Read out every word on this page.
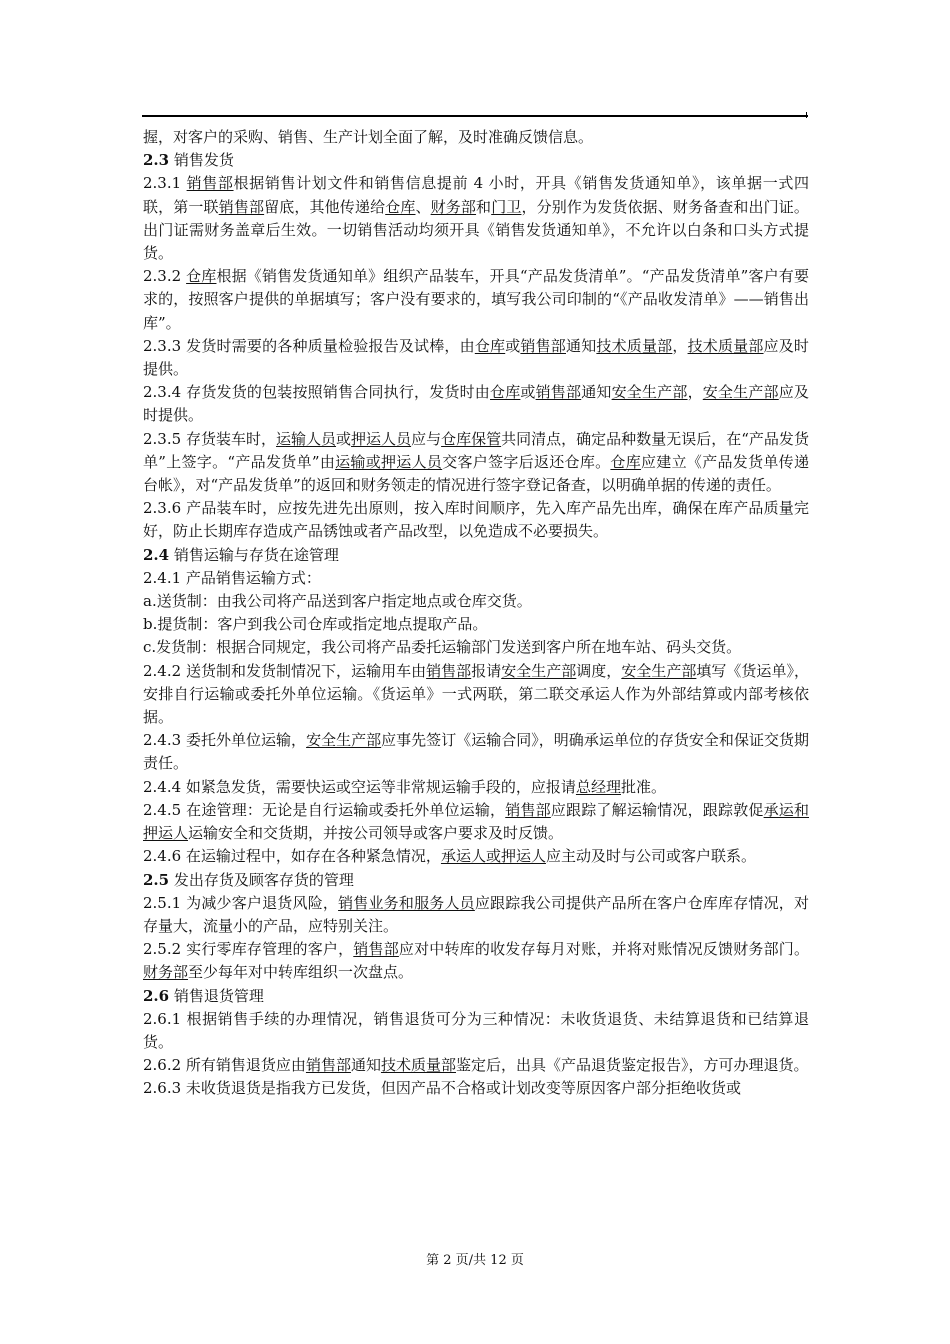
握，对客户的采购、销售、生产计划全面了解，及时准确反馈信息。

2.3 销售发货

2.3.1 销售部根据销售计划文件和销售信息提前 4 小时，开具《销售发货通知单》，该单据一式四联，第一联销售部留底，其他传递给仓库、财务部和门卫，分别作为发货依据、财务备查和出门证。出门证需财务盖章后生效。一切销售活动均须开具《销售发货通知单》，不允许以白条和口头方式提货。

2.3.2 仓库根据《销售发货通知单》组织产品装车，开具“产品发货清单”。“产品发货清单”客户有要求的，按照客户提供的单据填写；客户没有要求的，填写我公司印制的“《产品收发清单》——销售出库”。

2.3.3 发货时需要的各种质量检验报告及试棒，由仓库或销售部通知技术质量部，技术质量部应及时提供。

2.3.4 存货发货的包装按照销售合同执行，发货时由仓库或销售部通知安全生产部，安全生产部应及时提供。

2.3.5 存货装车时，运输人员或押运人员应与仓库保管共同清点，确定品种数量无误后，在“产品发货单”上签字。“产品发货单”由运输或押运人员交客户签字后返还仓库。仓库应建立《产品发货单传递台帐》，对“产品发货单”的返回和财务领走的情况进行签字登记备查，以明确单据的传递的责任。

2.3.6 产品装车时，应按先进先出原则，按入库时间顺序，先入库产品先出库，确保在库产品质量完好，防止长期库存造成产品锈蚀或者产品改型，以免造成不必要损失。

2.4 销售运输与存货在途管理

2.4.1 产品销售运输方式：

a.送货制：由我公司将产品送到客户指定地点或仓库交货。

b.提货制：客户到我公司仓库或指定地点提取产品。

c.发货制：根据合同规定，我公司将产品委托运输部门发送到客户所在地车站、码头交货。

2.4.2 送货制和发货制情况下，运输用车由销售部报请安全生产部调度，安全生产部填写《货运单》，安排自行运输或委托外单位运输。《货运单》一式两联，第二联交承运人作为外部结算或内部考核依据。

2.4.3 委托外单位运输，安全生产部应事先签订《运输合同》，明确承运单位的存货安全和保证交货期责任。

2.4.4 如紧急发货，需要快运或空运等非常规运输手段的，应报请总经理批准。

2.4.5 在途管理：无论是自行运输或委托外单位运输，销售部应跟踪了解运输情况，跟踪敦促承运和押运人运输安全和交货期，并按公司领导或客户要求及时反馈。

2.4.6 在运输过程中，如存在各种紧急情况，承运人或押运人应主动及时与公司或客户联系。

2.5 发出存货及顾客存货的管理

2.5.1 为减少客户退货风险，销售业务和服务人员应跟踪我公司提供产品所在客户仓库库存情况，对存量大，流量小的产品，应特别关注。

2.5.2 实行零库存管理的客户，销售部应对中转库的收发存每月对账，并将对账情况反馈财务部门。财务部至少每年对中转库组织一次盘点。

2.6 销售退货管理

2.6.1 根据销售手续的办理情况，销售退货可分为三种情况：未收货退货、未结算退货和已结算退货。

2.6.2 所有销售退货应由销售部通知技术质量部鉴定后，出具《产品退货鉴定报告》，方可办理退货。

2.6.3 未收货退货是指我方已发货，但因产品不合格或计划改变等原因客户部分拒绝收货或

第 2 页/共 12 页
